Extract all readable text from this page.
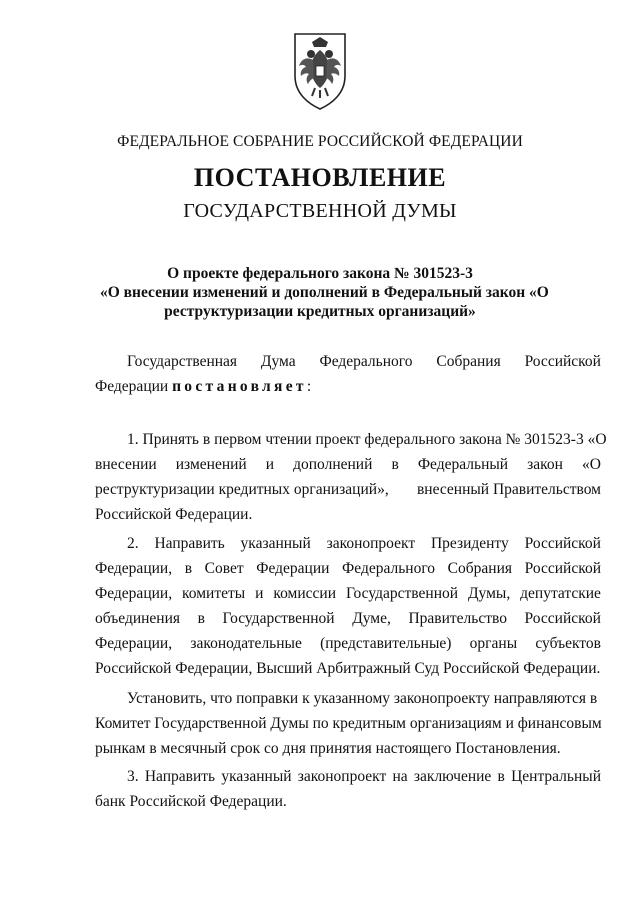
ФЕДЕРАЛЬНОЕ СОБРАНИЕ РОССИЙСКОЙ ФЕДЕРАЦИИ
ПОСТАНОВЛЕНИЕ
ГОСУДАРСТВЕННОЙ ДУМЫ
О проекте федерального закона № 301523-3
«О внесении изменений и дополнений в Федеральный закон «О
реструктуризации кредитных организаций»
Государственная Дума Федерального Собрания Российской
Федерации постановляет:
1. Принять в первом чтении проект федерального закона № 301523-3 «О
внесении изменений и дополнений в Федеральный закон «О
реструктуризации кредитных организаций», внесенный Правительством
Российской Федерации.
2. Направить указанный законопроект Президенту Российской
Федерации, в Совет Федерации Федерального Собрания Российской
Федерации, комитеты и комиссии Государственной Думы, депутатские
объединения в Государственной Думе, Правительство Российской
Федерации, законодательные (представительные) органы субъектов
Российской Федерации, Высший Арбитражный Суд Российской Федерации.
Установить, что поправки к указанному законопроекту направляются в
Комитет Государственной Думы по кредитным организациям и финансовым
рынкам в месячный срок со дня принятия настоящего Постановления.
3. Направить указанный законопроект на заключение в Центральный
банк Российской Федерации.
